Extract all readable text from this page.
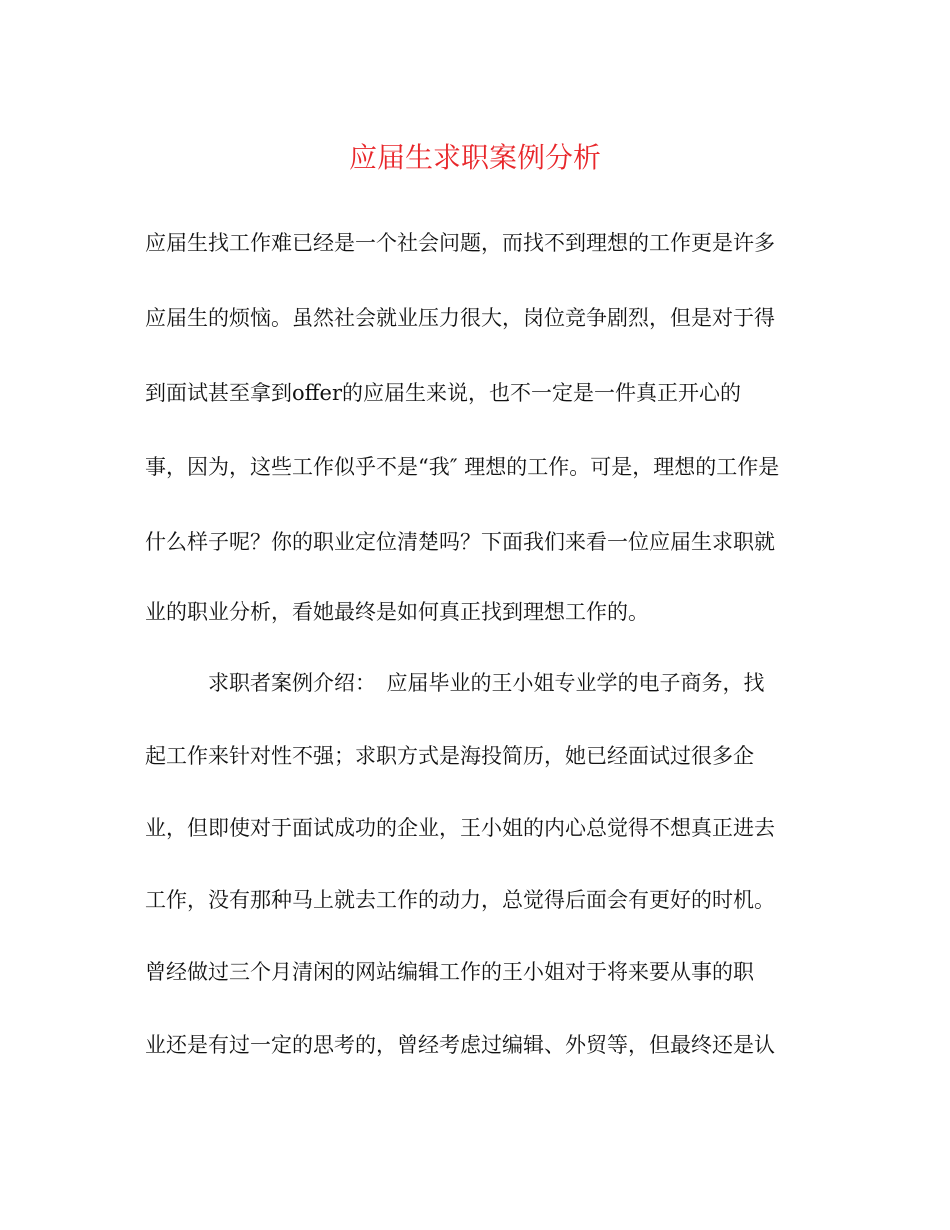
应届生求职案例分析

应届生找工作难已经是一个社会问题，而找不到理想的工作更是许多

应届生的烦恼。虽然社会就业压力很大，岗位竞争剧烈，但是对于得

到面试甚至拿到offer的应届生来说，也不一定是一件真正开心的

事，因为，这些工作似乎不是“我″ 理想的工作。可是，理想的工作是

什么样子呢？你的职业定位清楚吗？下面我们来看一位应届生求职就

业的职业分析，看她最终是如何真正找到理想工作的。

　　　求职者案例介绍：　应届毕业的王小姐专业学的电子商务，找

起工作来针对性不强；求职方式是海投简历，她已经面试过很多企

业，但即使对于面试成功的企业，王小姐的内心总觉得不想真正进去

工作，没有那种马上就去工作的动力，总觉得后面会有更好的时机。

曾经做过三个月清闲的网站编辑工作的王小姐对于将来要从事的职

业还是有过一定的思考的，曾经考虑过编辑、外贸等，但最终还是认
